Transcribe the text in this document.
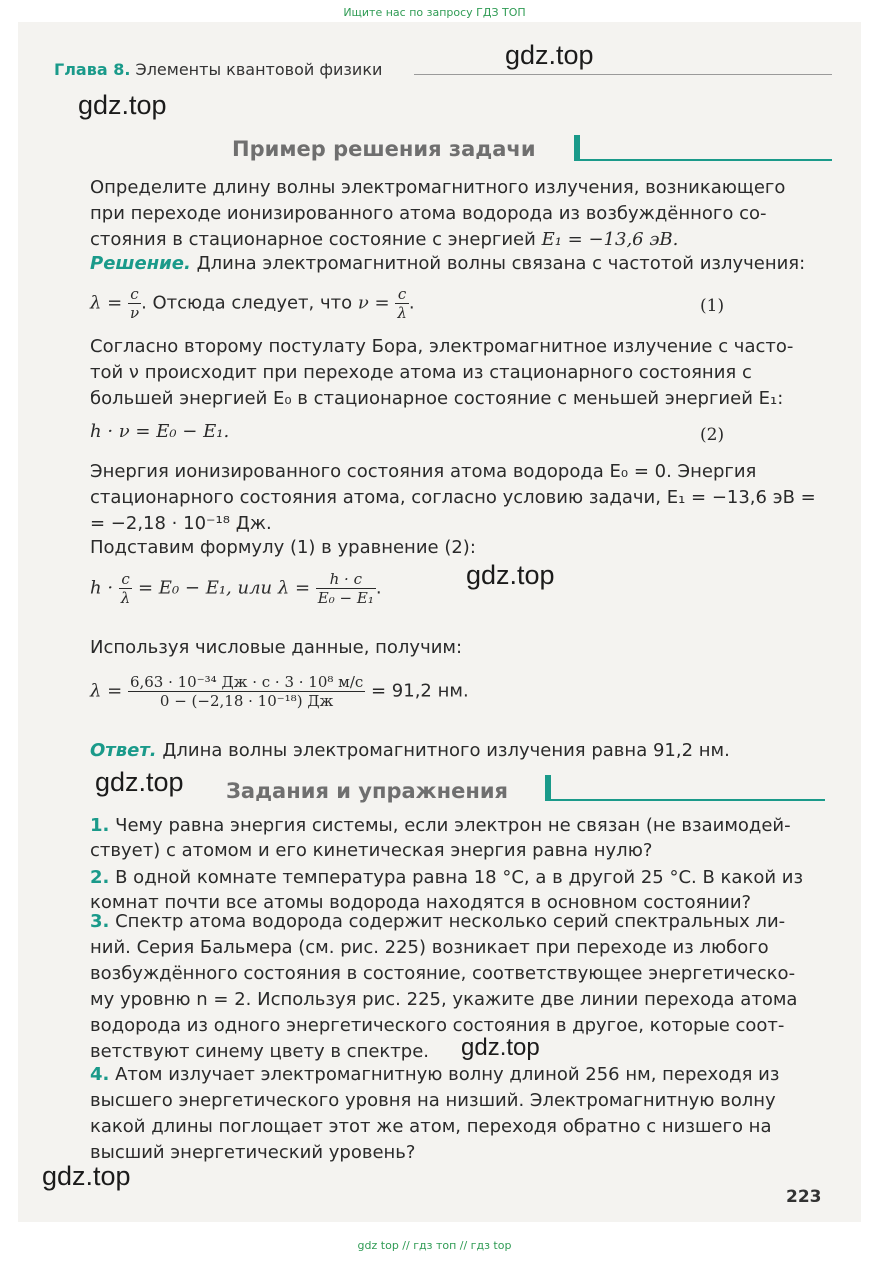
Ищите нас по запросу ГДЗ ТОП
Глава 8. Элементы квантовой физики	gdz.top
gdz.top
gdz.top
gdz.top
gdz.top
gdz.top
Пример решения задачи
Определите длину волны электромагнитного излучения, возникающего
при переходе ионизированного атома водорода из возбуждённого со-
стояния в стационарное состояние с энергией E₁ = −13,6 эВ.
Решение. Длина электромагнитной волны связана с частотой излучения:
$\lambda = \frac{c}{\nu}$ . Отсюда следует, что $\nu = \frac{c}{\lambda}$ .	(1)
Согласно второму постулату Бора, электромагнитное излучение с часто-
той ν происходит при переходе атома из стационарного состояния с
большей энергией E₀ в стационарное состояние с меньшей энергией E₁:
h · ν = E₀ − E₁.	(2)
Энергия ионизированного состояния атома водорода E₀ = 0. Энергия
стационарного состояния атома, согласно условию задачи, E₁ = −13,6 эВ =
= −2,18 · 10⁻¹⁸ Дж.
Подставим формулу (1) в уравнение (2):
$h \cdot \frac{c}{\lambda} = E_0 - E_1$, или $\lambda = \frac{h \cdot c}{\text{E₀ − E₁}}$ .
Используя числовые данные, получим:
$\lambda = \frac{\text{6,63 · 10⁻³⁴ Дж · с · 3 · 10⁸ м/с}}{\text{0 − (−2,18 · 10⁻¹⁸) Дж}} = 91,2$ нм.
Ответ. Длина волны электромагнитного излучения равна 91,2 нм.
Задания и упражнения
1. Чему равна энергия системы, если электрон не связан (не взаимодей-
ствует) с атомом и его кинетическая энергия равна нулю?
2. В одной комнате температура равна 18 °С, а в другой 25 °С. В какой из
комнат почти все атомы водорода находятся в основном состоянии?
3. Спектр атома водорода содержит несколько серий спектральных ли-
ний. Серия Бальмера (см. рис. 225) возникает при переходе из любого
возбуждённого состояния в состояние, соответствующее энергетическо-
му уровню n = 2. Используя рис. 225, укажите две линии перехода атома
водорода из одного энергетического состояния в другое, которые соот-
ветствуют синему цвету в спектре.
4. Атом излучает электромагнитную волну длиной 256 нм, переходя из
высшего энергетического уровня на низший. Электромагнитную волну
какой длины поглощает этот же атом, переходя обратно с низшего на
высший энергетический уровень?
223
gdz top // гдз топ // гдз top
